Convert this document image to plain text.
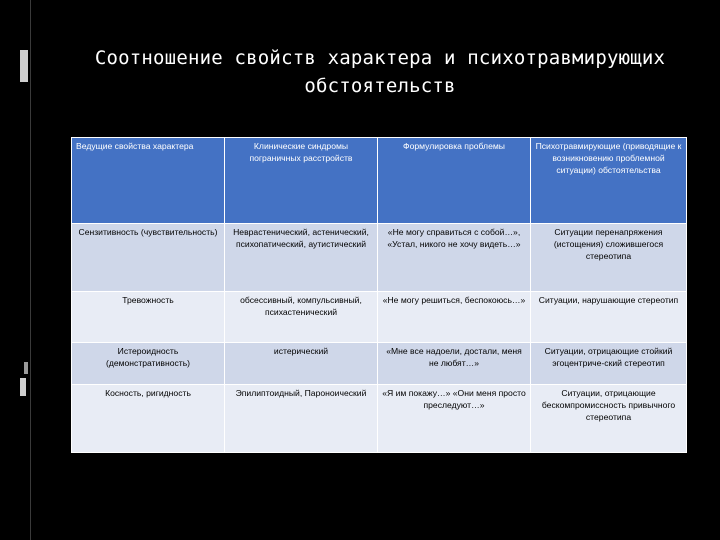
Соотношение свойств характера и психотравмирующих
обстоятельств
Ведущие свойства характера	Клинические синдромы пограничных расстройств	Формулировка проблемы	Психотравмирующие (приводящие к возникновению проблемной ситуации) обстоятельства
Сензитивность (чувствительность)	Неврастенический, астенический, психопатический, аутистический	«Не могу справиться с собой…», «Устал, никого не хочу видеть…»	Ситуации перенапряжения (истощения) сложившегося стереотипа
Тревожность	обсессивный, компульсивный, психастенический	«Не могу решиться, беспокоюсь…»	Ситуации, нарушающие стереотип
Истероидность (демонстративность)	истерический	«Мне все надоели, достали, меня не любят…»	Ситуации, отрицающие стойкий эгоцентриче-ский стереотип
Косность, ригидность	Эпилиптоидный, Пароноический	«Я им покажу…» «Они меня просто преследуют…»	Ситуации, отрицающие бескомпромиссность привычного стереотипа
